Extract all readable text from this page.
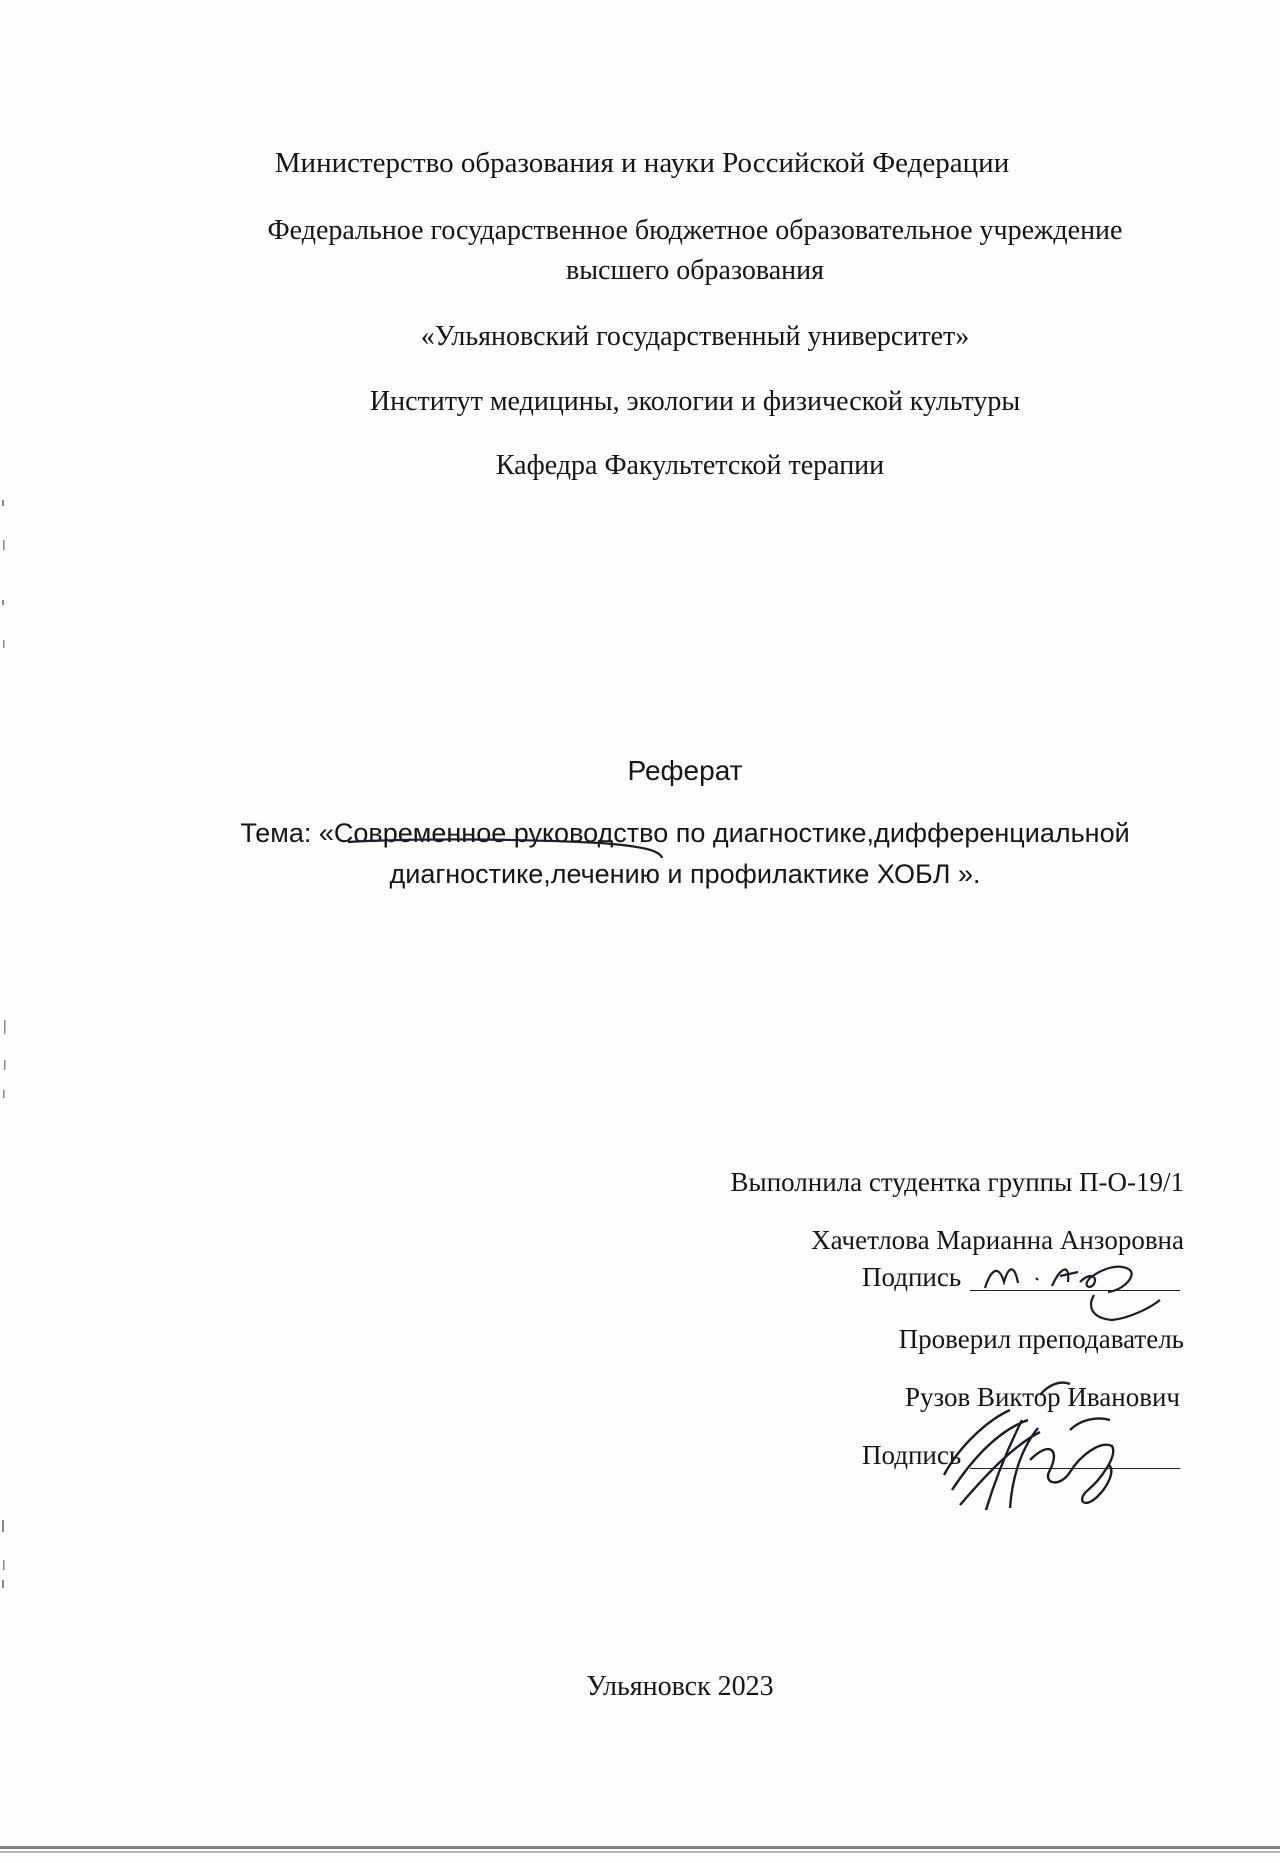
Министерство образования и науки Российской Федерации
Федеральное государственное бюджетное образовательное учреждение
высшего образования
«Ульяновский государственный университет»
Институт медицины, экологии и физической культуры
Кафедра Факультетской терапии
Реферат
Тема: «Современное руководство по диагностике,дифференциальной
диагностике,лечению и профилактике ХОБЛ ».
Выполнила студентка группы П-О-19/1
Хачетлова Марианна Анзоровна
Подпись
Проверил преподаватель
Рузов Виктор Иванович
Подпись
Ульяновск 2023
